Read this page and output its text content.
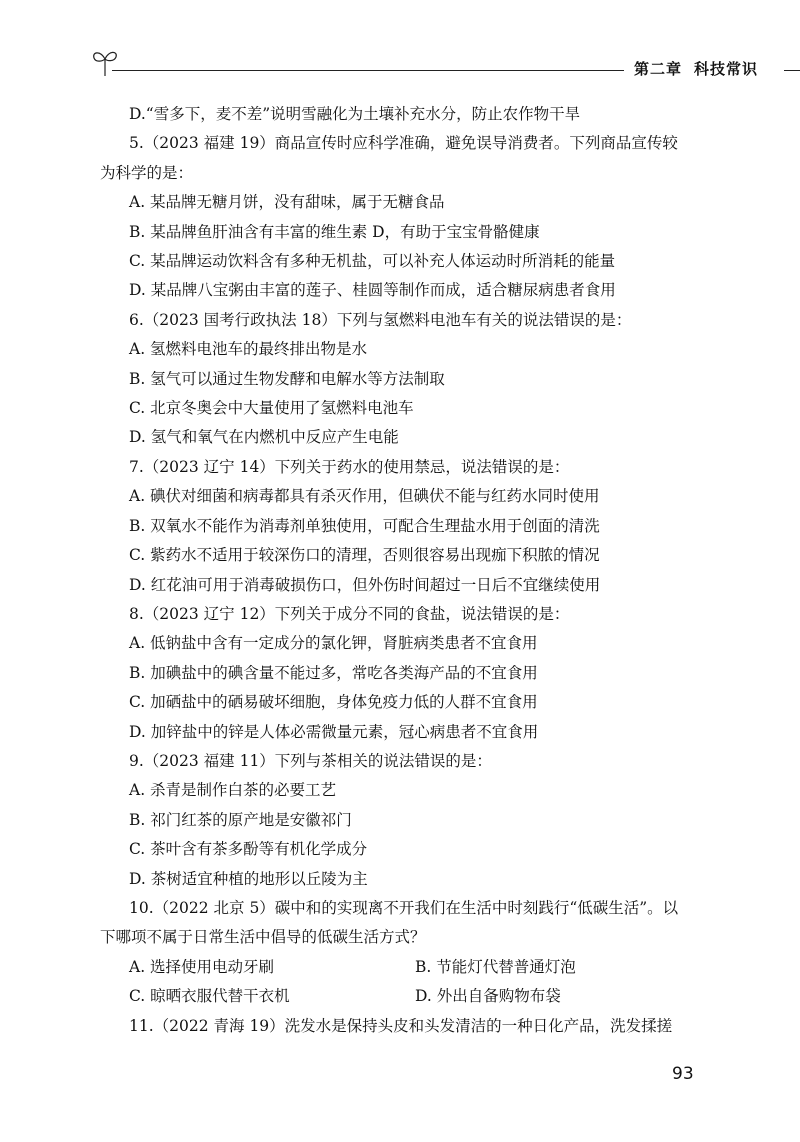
第二章 科技常识
D.“雪多下，麦不差”说明雪融化为土壤补充水分，防止农作物干旱
5.（2023 福建 19）商品宣传时应科学准确，避免误导消费者。下列商品宣传较
为科学的是：
A. 某品牌无糖月饼，没有甜味，属于无糖食品
B. 某品牌鱼肝油含有丰富的维生素 D，有助于宝宝骨骼健康
C. 某品牌运动饮料含有多种无机盐，可以补充人体运动时所消耗的能量
D. 某品牌八宝粥由丰富的莲子、桂圆等制作而成，适合糖尿病患者食用
6.（2023 国考行政执法 18）下列与氢燃料电池车有关的说法错误的是：
A. 氢燃料电池车的最终排出物是水
B. 氢气可以通过生物发酵和电解水等方法制取
C. 北京冬奥会中大量使用了氢燃料电池车
D. 氢气和氧气在内燃机中反应产生电能
7.（2023 辽宁 14）下列关于药水的使用禁忌，说法错误的是：
A. 碘伏对细菌和病毒都具有杀灭作用，但碘伏不能与红药水同时使用
B. 双氧水不能作为消毒剂单独使用，可配合生理盐水用于创面的清洗
C. 紫药水不适用于较深伤口的清理，否则很容易出现痂下积脓的情况
D. 红花油可用于消毒破损伤口，但外伤时间超过一日后不宜继续使用
8.（2023 辽宁 12）下列关于成分不同的食盐，说法错误的是：
A. 低钠盐中含有一定成分的氯化钾，肾脏病类患者不宜食用
B. 加碘盐中的碘含量不能过多，常吃各类海产品的不宜食用
C. 加硒盐中的硒易破坏细胞，身体免疫力低的人群不宜食用
D. 加锌盐中的锌是人体必需微量元素，冠心病患者不宜食用
9.（2023 福建 11）下列与茶相关的说法错误的是：
A. 杀青是制作白茶的必要工艺
B. 祁门红茶的原产地是安徽祁门
C. 茶叶含有茶多酚等有机化学成分
D. 茶树适宜种植的地形以丘陵为主
10.（2022 北京 5）碳中和的实现离不开我们在生活中时刻践行“低碳生活”。以
下哪项不属于日常生活中倡导的低碳生活方式？
A. 选择使用电动牙刷	B. 节能灯代替普通灯泡
C. 晾晒衣服代替干衣机	D. 外出自备购物布袋
11.（2022 青海 19）洗发水是保持头皮和头发清洁的一种日化产品，洗发揉搓
93
